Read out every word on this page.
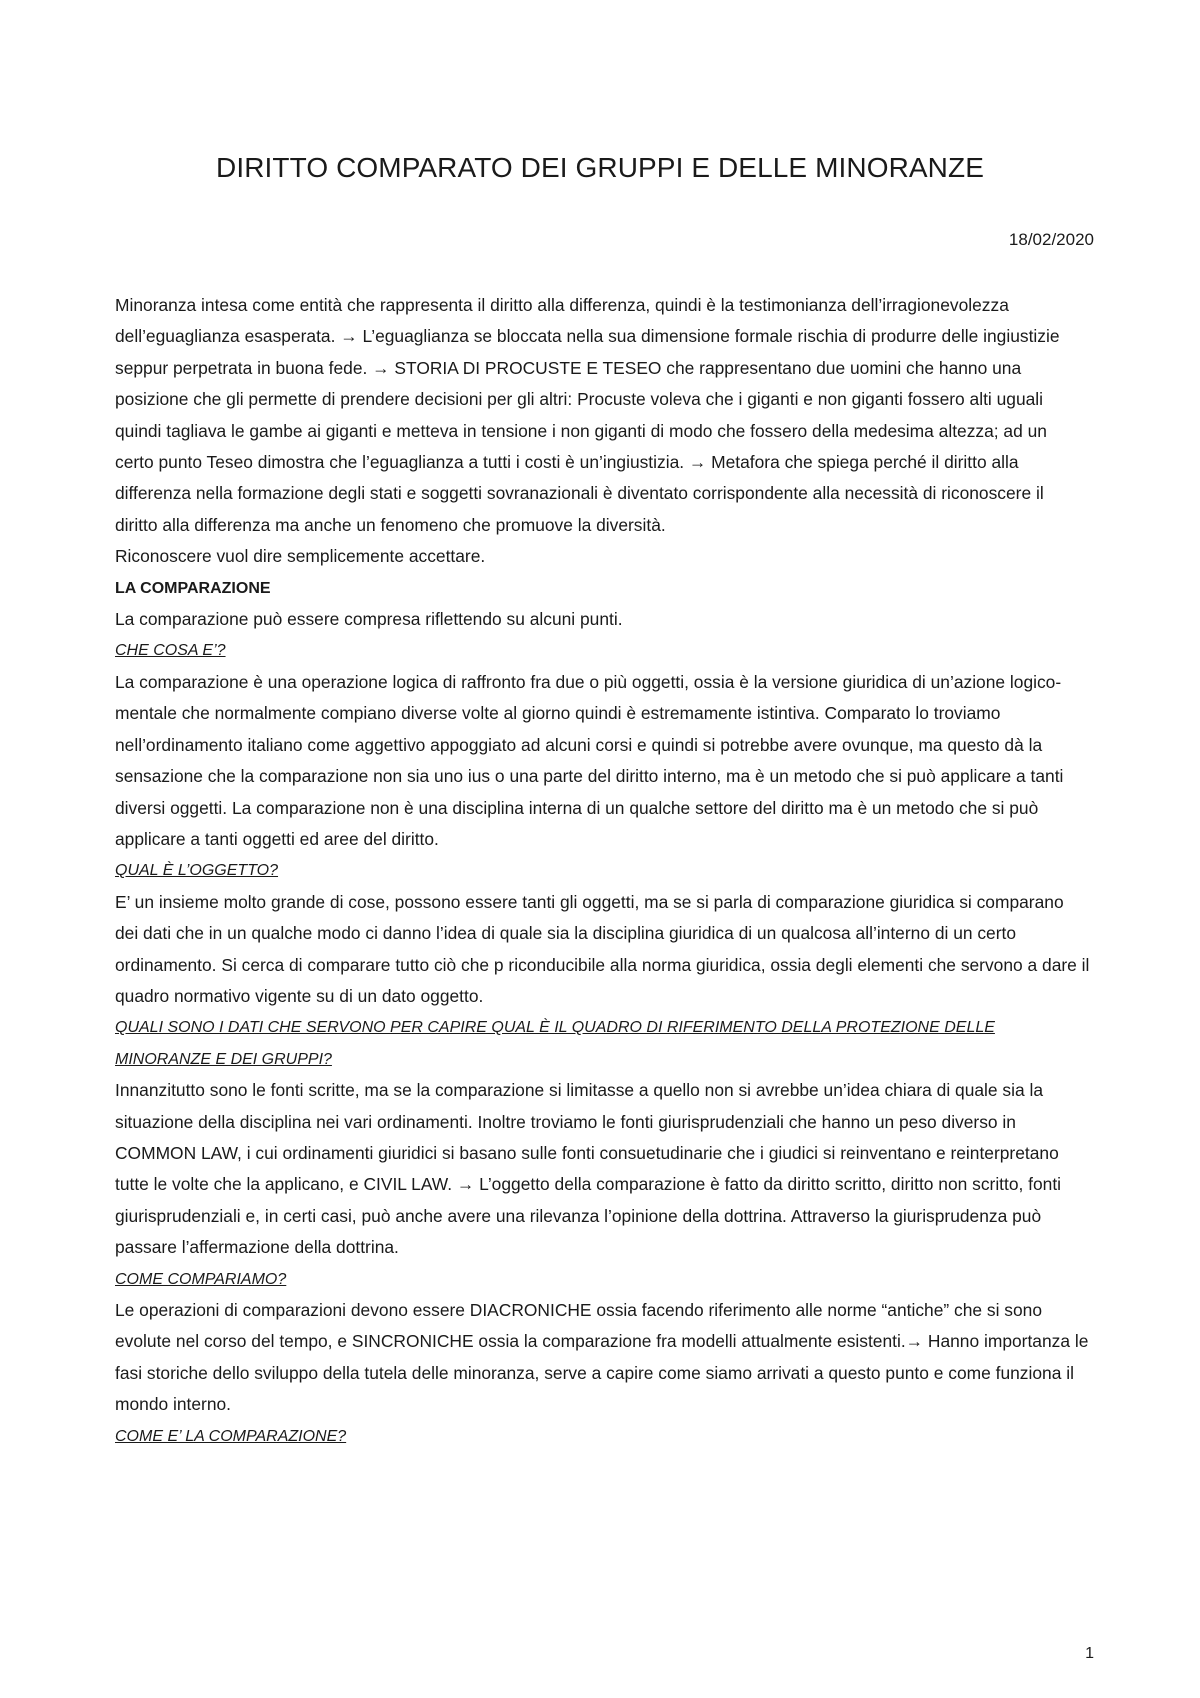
DIRITTO COMPARATO DEI GRUPPI E DELLE MINORANZE
18/02/2020

Minoranza intesa come entità che rappresenta il diritto alla differenza, quindi è la testimonianza dell’irragionevolezza dell’eguaglianza esasperata. → L’eguaglianza se bloccata nella sua dimensione formale rischia di produrre delle ingiustizie seppur perpetrata in buona fede. → STORIA DI PROCUSTE E TESEO che rappresentano due uomini che hanno una posizione che gli permette di prendere decisioni per gli altri: Procuste voleva che i giganti e non giganti fossero alti uguali quindi tagliava le gambe ai giganti e metteva in tensione i non giganti di modo che fossero della medesima altezza; ad un certo punto Teseo dimostra che l’eguaglianza a tutti i costi è un’ingiustizia. → Metafora che spiega perché il diritto alla differenza nella formazione degli stati e soggetti sovranazionali è diventato corrispondente alla necessità di riconoscere il diritto alla differenza ma anche un fenomeno che promuove la diversità.

Riconoscere vuol dire semplicemente accettare.

LA COMPARAZIONE

La comparazione può essere compresa riflettendo su alcuni punti.

CHE COSA E’?

La comparazione è una operazione logica di raffronto fra due o più oggetti, ossia è la versione giuridica di un’azione logico- mentale che normalmente compiano diverse volte al giorno quindi è estremamente istintiva. Comparato lo troviamo nell’ordinamento italiano come aggettivo appoggiato ad alcuni corsi e quindi si potrebbe avere ovunque, ma questo dà la sensazione che la comparazione non sia uno ius o una parte del diritto interno, ma è un metodo che si può applicare a tanti diversi oggetti. La comparazione non è una disciplina interna di un qualche settore del diritto ma è un metodo che si può applicare a tanti oggetti ed aree del diritto.

QUAL È L’OGGETTO?

E’ un insieme molto grande di cose, possono essere tanti gli oggetti, ma se si parla di comparazione giuridica si comparano dei dati che in un qualche modo ci danno l’idea di quale sia la disciplina giuridica di un qualcosa all’interno di un certo ordinamento. Si cerca di comparare tutto ciò che p riconducibile alla norma giuridica, ossia degli elementi che servono a dare il quadro normativo vigente su di un dato oggetto.

QUALI SONO I DATI CHE SERVONO PER CAPIRE QUAL È IL QUADRO DI RIFERIMENTO DELLA PROTEZIONE DELLE MINORANZE E DEI GRUPPI?

Innanzitutto sono le fonti scritte, ma se la comparazione si limitasse a quello non si avrebbe un’idea chiara di quale sia la situazione della disciplina nei vari ordinamenti. Inoltre troviamo le fonti giurisprudenziali che hanno un peso diverso in COMMON LAW, i cui ordinamenti giuridici si basano sulle fonti consuetudinarie che i giudici si reinventano e reinterpretano tutte le volte che la applicano, e CIVIL LAW. → L’oggetto della comparazione è fatto da diritto scritto, diritto non scritto, fonti giurisprudenziali e, in certi casi, può anche avere una rilevanza l’opinione della dottrina. Attraverso la giurisprudenza può passare l’affermazione della dottrina.

COME COMPARIAMO?

Le operazioni di comparazioni devono essere DIACRONICHE ossia facendo riferimento alle norme “antiche” che si sono evolute nel corso del tempo, e SINCRONICHE ossia la comparazione fra modelli attualmente esistenti.→ Hanno importanza le fasi storiche dello sviluppo della tutela delle minoranza, serve a capire come siamo arrivati a questo punto e come funziona il mondo interno.

COME E’ LA COMPARAZIONE?

1
